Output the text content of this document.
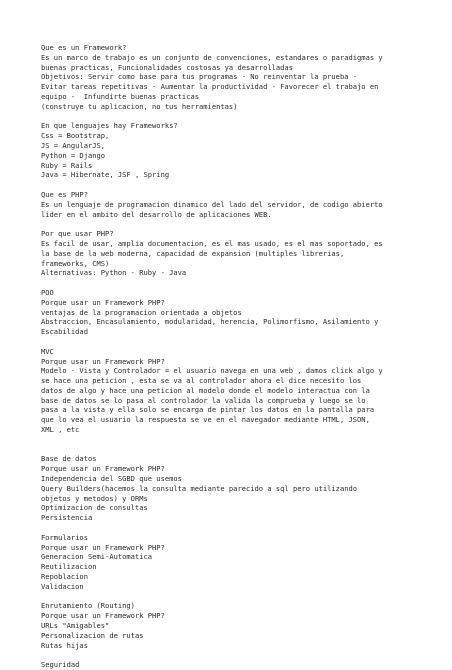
Que es un Framework?
Es un marco de trabajo es un conjunto de convenciones, estandares o paradigmas y
buenas practicas, Funcionalidades costosas ya desarrolladas
Objetivos: Servir como base para tus programas - No reinventar la prueba -
Evitar tareas repetitivas - Aumentar la productividad - Favorecer el trabajo en
equipo -  Infundirte buenas practicas
(construye tu aplicacion, no tus herramientas)
En que lenguajes hay Frameworks?
Css = Bootstrap,
JS = AngularJS,
Python = Django
Ruby = Rails
Java = Hibernate, JSF , Spring
Que es PHP?
Es un lenguaje de programacion dinamico del lado del servidor, de codigo abierto
lider en el ambito del desarrollo de aplicaciones WEB.
Por que usar PHP?
Es facil de usar, amplia documentacion, es el mas usado, es el mas soportado, es
la base de la web moderna, capacidad de expansion (multiples librerias,
frameworks, CMS)
Alternativas: Python - Ruby - Java
POO
Porque usar un Framework PHP?
ventajas de la programacion orientada a objetos
Abstraccion, Encasulamiento, modularidad, herencia, Polimorfismo, Asilamiento y
Escabilidad
MVC
Porque usar un Framework PHP?
Modelo - Vista y Controlador = el usuario navega en una web , damos click algo y
se hace una peticion , esta se va al controlador ahora el dice necesito los
datos de algo y hace una peticion al modelo donde el modelo interactua con la
base de datos se lo pasa al controlador la valida la comprueba y luego se lo
pasa a la vista y ella solo se encarga de pintar los datos en la pantalla para
que lo vea el usuario la respuesta se ve en el navegador mediante HTML, JSON,
XML , etc
Base de datos
Porque usar un Framework PHP?
Independencia del SGBD que usemos
Query Builders(hacemos la consulta mediante parecido a sql pero utilizando
objetos y metodos) y ORMs
Optimizacion de consultas
Persistencia
Formularios
Porque usar un Framework PHP?
Generacion Semi-Automatica
Reutilizacion
Repoblacion
Validacion
Enrutamiento (Routing)
Porque usar un Framework PHP?
URLs "Amigables"
Personalizacion de rutas
Rutas hijas
Seguridad
